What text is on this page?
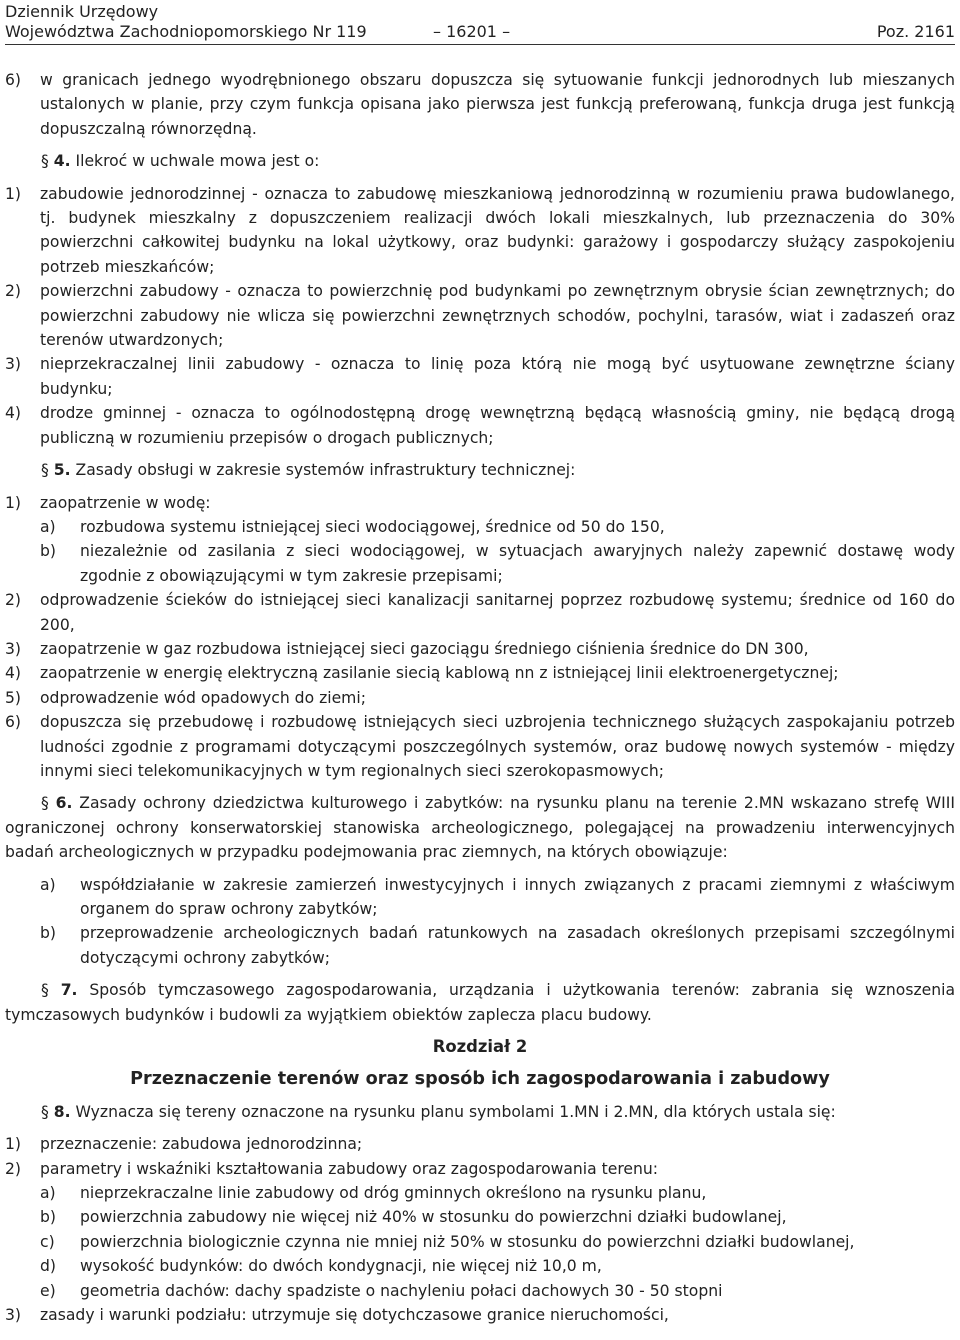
Dziennik Urzędowy
Województwa Zachodniopomorskiego Nr 119	– 16201 –	Poz. 2161
6)	w granicach jednego wyodrębnionego obszaru dopuszcza się sytuowanie funkcji jednorodnych lub mieszanych ustalonych w planie, przy czym funkcja opisana jako pierwsza jest funkcją preferowaną, funkcja druga jest funkcją dopuszczalną równorzędną.

§ 4. Ilekroć w uchwale mowa jest o:

1)	zabudowie jednorodzinnej - oznacza to zabudowę mieszkaniową jednorodzinną w rozumieniu prawa budowlanego, tj. budynek mieszkalny z dopuszczeniem realizacji dwóch lokali mieszkalnych, lub przeznaczenia do 30% powierzchni całkowitej budynku na lokal użytkowy, oraz budynki: garażowy i gospodarczy służący zaspokojeniu potrzeb mieszkańców;
2)	powierzchni zabudowy - oznacza to powierzchnię pod budynkami po zewnętrznym obrysie ścian zewnętrznych; do powierzchni zabudowy nie wlicza się powierzchni zewnętrznych schodów, pochylni, tarasów, wiat i zadaszeń oraz terenów utwardzonych;
3)	nieprzekraczalnej linii zabudowy - oznacza to linię poza którą nie mogą być usytuowane zewnętrzne ściany budynku;
4)	drodze gminnej - oznacza to ogólnodostępną drogę wewnętrzną będącą własnością gminy, nie będącą drogą publiczną w rozumieniu przepisów o drogach publicznych;

§ 5. Zasady obsługi w zakresie systemów infrastruktury technicznej:

1)	zaopatrzenie w wodę:
a)	rozbudowa systemu istniejącej sieci wodociągowej, średnice od 50 do 150,
b)	niezależnie od zasilania z sieci wodociągowej, w sytuacjach awaryjnych należy zapewnić dostawę wody zgodnie z obowiązującymi w tym zakresie przepisami;
2)	odprowadzenie ścieków do istniejącej sieci kanalizacji sanitarnej poprzez rozbudowę systemu; średnice od 160 do 200,
3)	zaopatrzenie w gaz rozbudowa istniejącej sieci gazociągu średniego ciśnienia średnice do DN 300,
4)	zaopatrzenie w energię elektryczną zasilanie siecią kablową nn z istniejącej linii elektroenergetycznej;
5)	odprowadzenie wód opadowych do ziemi;
6)	dopuszcza się przebudowę i rozbudowę istniejących sieci uzbrojenia technicznego służących zaspokajaniu potrzeb ludności zgodnie z programami dotyczącymi poszczególnych systemów, oraz budowę nowych systemów - między innymi sieci telekomunikacyjnych w tym regionalnych sieci szerokopasmowych;

§ 6. Zasady ochrony dziedzictwa kulturowego i zabytków: na rysunku planu na terenie 2.MN wskazano strefę WIII ograniczonej ochrony konserwatorskiej stanowiska archeologicznego, polegającej na prowadzeniu interwencyjnych badań archeologicznych w przypadku podejmowania prac ziemnych, na których obowiązuje:

a)	współdziałanie w zakresie zamierzeń inwestycyjnych i innych związanych z pracami ziemnymi z właściwym organem do spraw ochrony zabytków;
b)	przeprowadzenie archeologicznych badań ratunkowych na zasadach określonych przepisami szczególnymi dotyczącymi ochrony zabytków;

§ 7. Sposób tymczasowego zagospodarowania, urządzania i użytkowania terenów: zabrania się wznoszenia tymczasowych budynków i budowli za wyjątkiem obiektów zaplecza placu budowy.

Rozdział 2

Przeznaczenie terenów oraz sposób ich zagospodarowania i zabudowy

§ 8. Wyznacza się tereny oznaczone na rysunku planu symbolami 1.MN i 2.MN, dla których ustala się:

1)	przeznaczenie: zabudowa jednorodzinna;
2)	parametry i wskaźniki kształtowania zabudowy oraz zagospodarowania terenu:
a)	nieprzekraczalne linie zabudowy od dróg gminnych określono na rysunku planu,
b)	powierzchnia zabudowy nie więcej niż 40% w stosunku do powierzchni działki budowlanej,
c)	powierzchnia biologicznie czynna nie mniej niż 50% w stosunku do powierzchni działki budowlanej,
d)	wysokość budynków: do dwóch kondygnacji, nie więcej niż 10,0 m,
e)	geometria dachów: dachy spadziste o nachyleniu połaci dachowych 30 - 50 stopni
3)	zasady i warunki podziału: utrzymuje się dotychczasowe granice nieruchomości,
